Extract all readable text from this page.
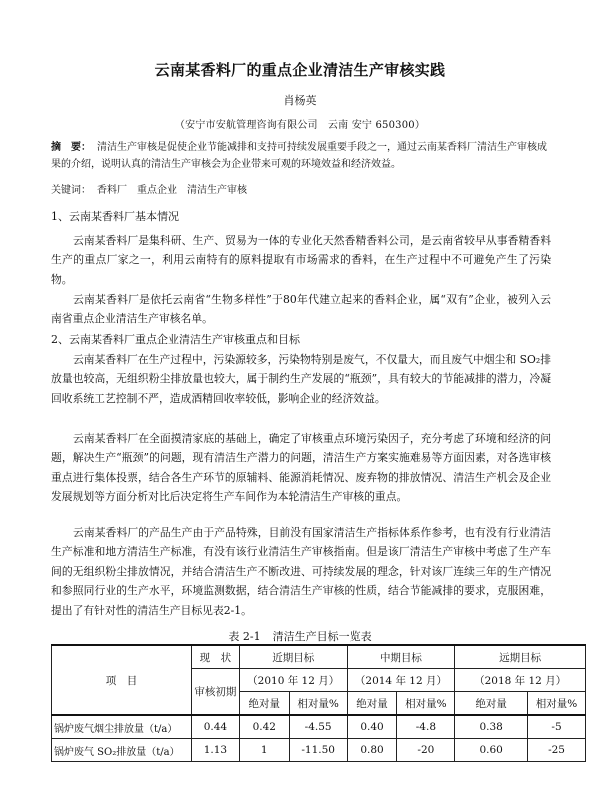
云南某香料厂的重点企业清洁生产审核实践
肖杨英
（安宁市安航管理咨询有限公司　云南 安宁 650300）
摘　要： 清洁生产审核是促使企业节能减排和支持可持续发展重要手段之一，通过云南某香料厂清洁生产审核成果的介绍，说明认真的清洁生产审核会为企业带来可观的环境效益和经济效益。
关键词： 香料厂　重点企业　清洁生产审核
1、云南某香料厂基本情况
云南某香料厂是集科研、生产、贸易为一体的专业化天然香精香料公司，是云南省较早从事香精香料生产的重点厂家之一，利用云南特有的原料提取有市场需求的香料，在生产过程中不可避免产生了污染物。
云南某香料厂是依托云南省“生物多样性”于80年代建立起来的香料企业，属“双有”企业，被列入云南省重点企业清洁生产审核名单。
2、云南某香料厂重点企业清洁生产审核重点和目标
云南某香料厂在生产过程中，污染源较多，污染物特别是废气，不仅量大，而且废气中烟尘和 SO₂排放量也较高，无组织粉尘排放量也较大，属于制约生产发展的“瓶颈”，具有较大的节能减排的潜力，冷凝回收系统工艺控制不严，造成酒精回收率较低，影响企业的经济效益。
云南某香料厂在全面摸清家底的基础上，确定了审核重点环境污染因子，充分考虑了环境和经济的问题，解决生产“瓶颈”的问题，现有清洁生产潜力的问题，清洁生产方案实施难易等方面因素，对各选审核重点进行集体投票，结合各生产环节的原辅料、能源消耗情况、废弃物的排放情况、清洁生产机会及企业发展规划等方面分析对比后决定将生产车间作为本轮清洁生产审核的重点。
云南某香料厂的产品生产由于产品特殊，目前没有国家清洁生产指标体系作参考，也有没有行业清洁生产标准和地方清洁生产标准，有没有该行业清洁生产审核指南。但是该厂清洁生产审核中考虑了生产车间的无组织粉尘排放情况，并结合清洁生产不断改进、可持续发展的理念，针对该厂连续三年的生产情况和参照同行业的生产水平，环境监测数据，结合清洁生产审核的性质，结合节能减排的要求，克服困难，提出了有针对性的清洁生产目标见表2-1。
表 2-1 清洁生产目标一览表
项　目	现　状	近期目标		中期目标		远期目标	
	审核初期	（2010 年 12 月）		（2014 年 12 月）		（2018 年 12 月）	
		绝对量	相对量%	绝对量	相对量%	绝对量	相对量%
锅炉废气烟尘排放量（t/a）	0.44	0.42	-4.55	0.40	-4.8	0.38	-5
锅炉废气 SO₂排放量（t/a）	1.13	1	-11.50	0.80	-20	0.60	-25
